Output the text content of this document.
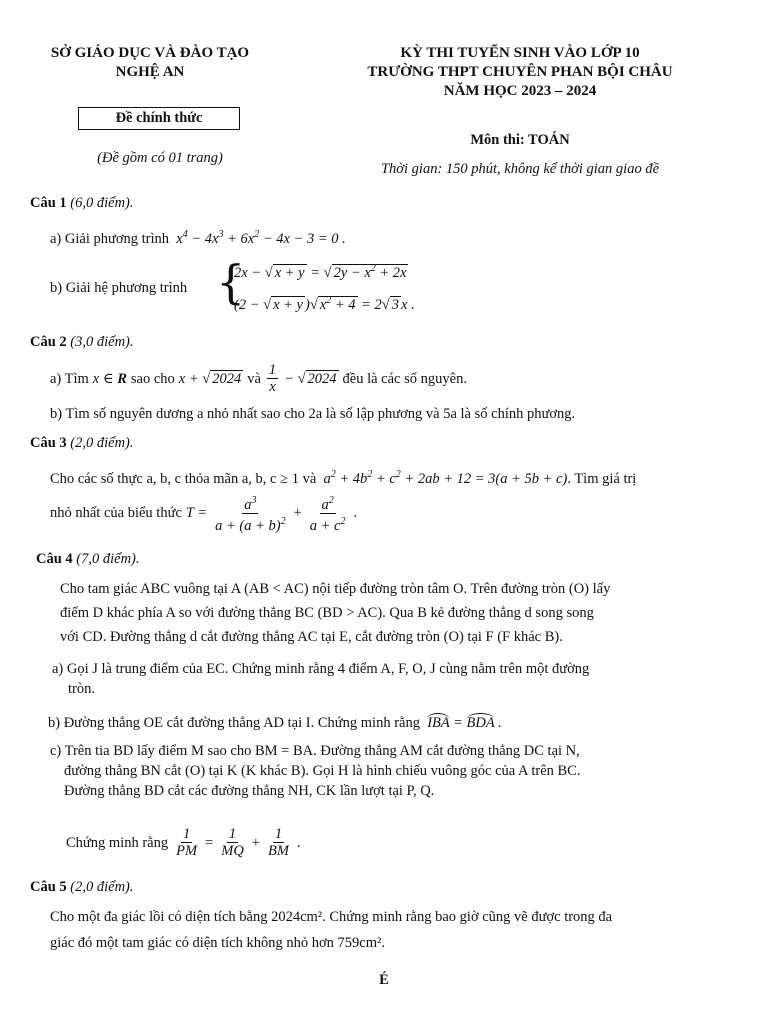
SỞ GIÁO DỤC VÀ ĐÀO TẠO
NGHỆ AN
Đề chính thức
(Đề gồm có 01 trang)
KỲ THI TUYỂN SINH VÀO LỚP 10
TRƯỜNG THPT CHUYÊN PHAN BỘI CHÂU
NĂM HỌC 2023 – 2024
Môn thi: TOÁN
Thời gian: 150 phút, không kể thời gian giao đề
Câu 1 (6,0 điểm).
a) Giải phương trình  $x^4 - 4x^3 + 6x^2 - 4x - 3 = 0$ .
b) Giải hệ phương trình {
2x − √ x + y = √ $2y - x^2 + 2x$
(2 − √ x + y )√ $x^2 + 4 = 2√$ 3 x .
Câu 2 (3,0 điểm).
a) Tìm x ∈ R sao cho x + √ 2024 và $\frac{1}{x}$ − √ 2024 đều là các số nguyên.
b) Tìm số nguyên dương a nhỏ nhất sao cho 2a là số lập phương và 5a là số chính phương.
Câu 3 (2,0 điểm).
Cho các số thực a, b, c thỏa mãn a, b, c ≥ 1 và  $a^2 + 4b^2 + c^2 + 2ab + 12 = 3(a + 5b + c)$. Tìm giá trị
nhỏ nhất của biểu thức $T = \frac{a^3}{a + (a + b)^2} + \frac{a^2}{a + c^2}$ .
Câu 4 (7,0 điểm).
Cho tam giác ABC vuông tại A (AB < AC) nội tiếp đường tròn tâm O. Trên đường tròn (O) lấy
điểm D khác phía A so với đường thẳng BC (BD > AC). Qua B kẻ đường thẳng d song song
với CD. Đường thẳng d cắt đường thẳng AC tại E, cắt đường tròn (O) tại F (F khác B).
a) Gọi J là trung điểm của EC. Chứng minh rằng 4 điểm A, F, O, J cùng nằm trên một đường
tròn.
b) Đường thẳng OE cắt đường thẳng AD tại I. Chứng minh rằng IBA = BDA .
c) Trên tia BD lấy điểm M sao cho BM = BA. Đường thẳng AM cắt đường thẳng DC tại N,
đường thẳng BN cắt (O) tại K (K khác B). Gọi H là hình chiếu vuông góc của A trên BC.
Đường thẳng BD cắt các đường thẳng NH, CK lần lượt tại P, Q.
Chứng minh rằng $\frac{1}{PM} = \frac{1}{MQ} + \frac{1}{BM}$ .
Câu 5 (2,0 điểm).
Cho một đa giác lồi có diện tích bằng 2024cm². Chứng minh rằng bao giờ cũng vẽ được trong đa
giác đó một tam giác có diện tích không nhỏ hơn 759cm².
É
